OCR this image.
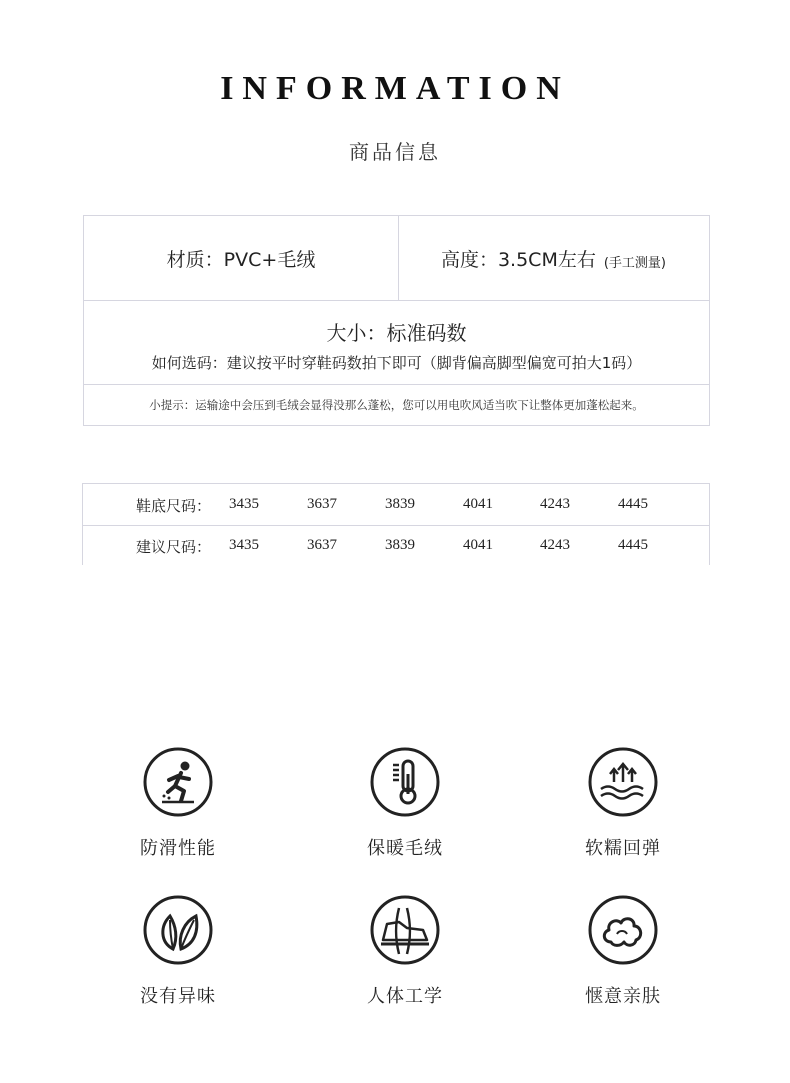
INFORMATION
商品信息
材质：PVC+毛绒	高度：3.5CM左右 (手工测量)
大小：标准码数
如何选码：建议按平时穿鞋码数拍下即可（脚背偏高脚型偏宽可拍大1码）
小提示：运输途中会压到毛绒会显得没那么蓬松，您可以用电吹风适当吹下让整体更加蓬松起来。
鞋底尺码： 3435	3637	3839	4041	4243	4445
建议尺码： 3435	3637	3839	4041	4243	4445
防滑性能	保暖毛绒	软糯回弹
没有异味	人体工学	惬意亲肤
